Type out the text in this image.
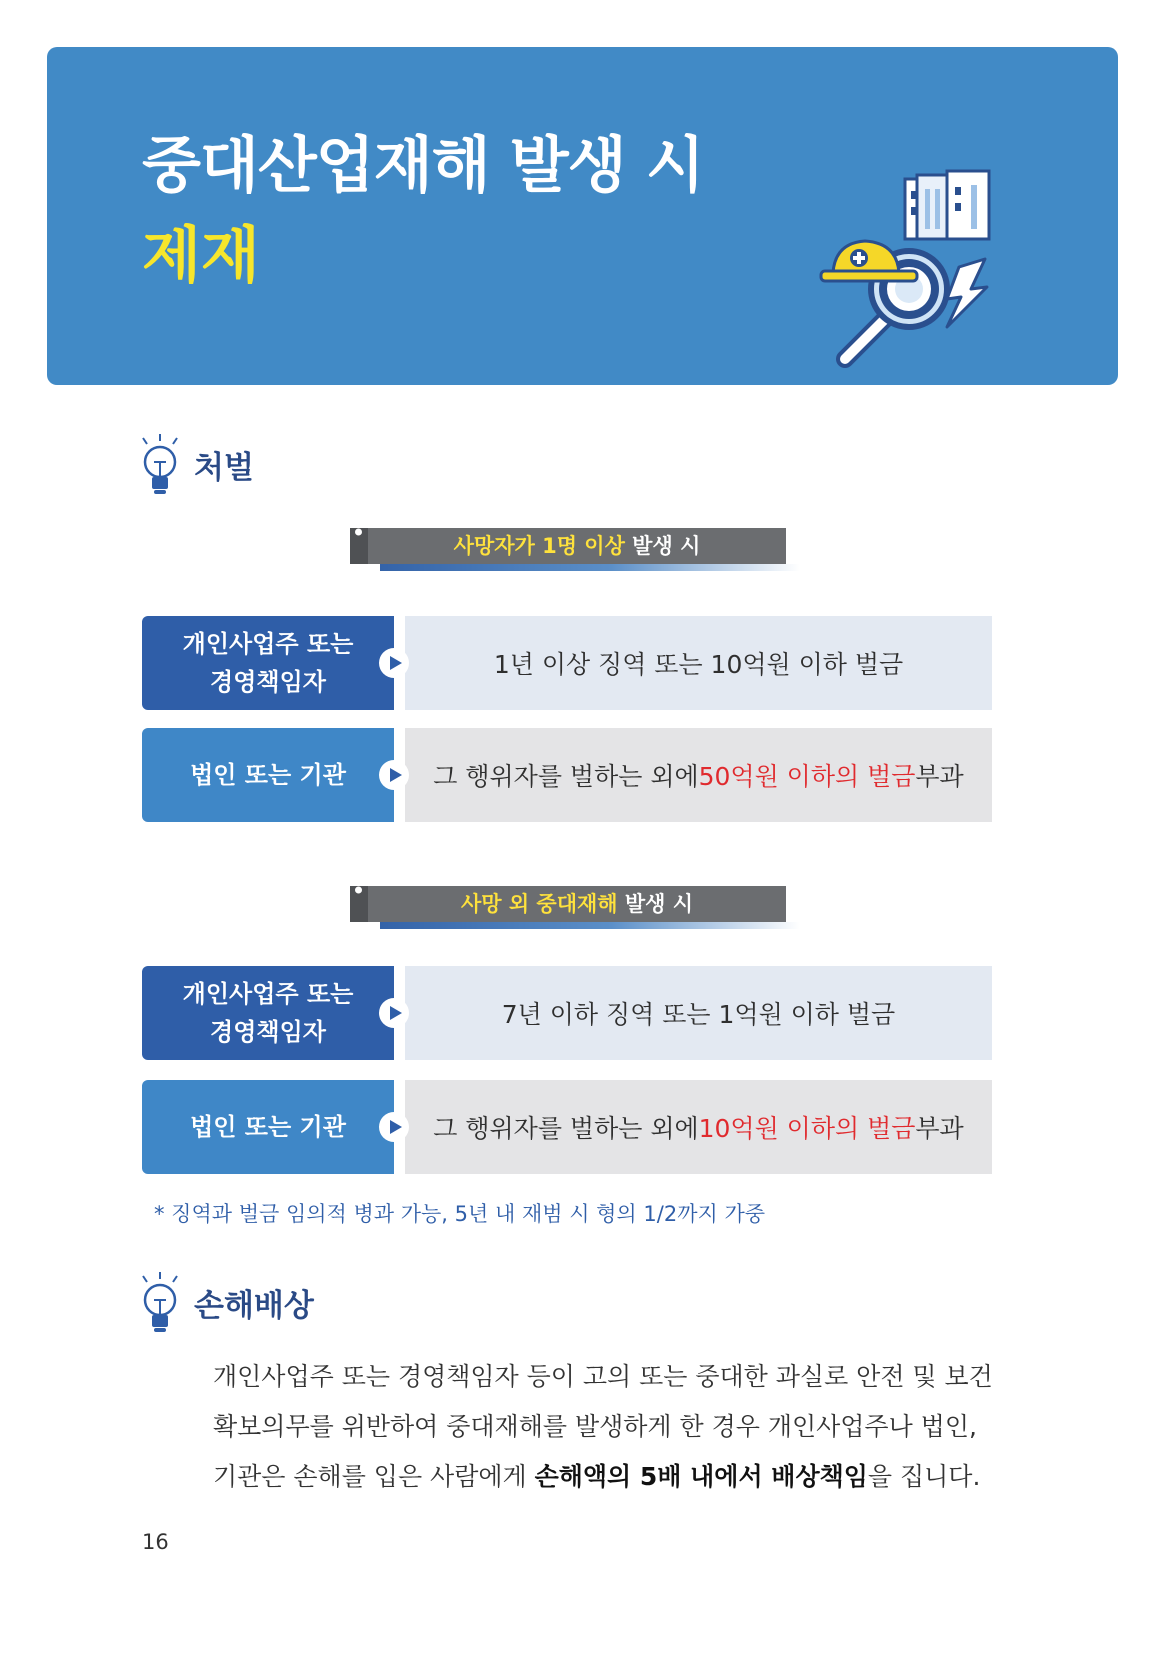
중대산업재해 발생 시
제재
처벌
사망자가 1명 이상 발생 시
개인사업주 또는
경영책임자
1년 이상 징역 또는 10억원 이하 벌금
법인 또는 기관	그 행위자를 벌하는 외에 50억원 이하의 벌금 부과
사망 외 중대재해 발생 시
개인사업주 또는
경영책임자
7년 이하 징역 또는 1억원 이하 벌금
법인 또는 기관	그 행위자를 벌하는 외에 10억원 이하의 벌금 부과

* 징역과 벌금 임의적 병과 가능, 5년 내 재범 시 형의 1/2까지 가중

손해배상

개인사업주 또는 경영책임자 등이 고의 또는 중대한 과실로 안전 및 보건

확보의무를 위반하여 중대재해를 발생하게 한 경우 개인사업주나 법인,

기관은 손해를 입은 사람에게 손해액의 5배 내에서 배상책임을 집니다.

16
